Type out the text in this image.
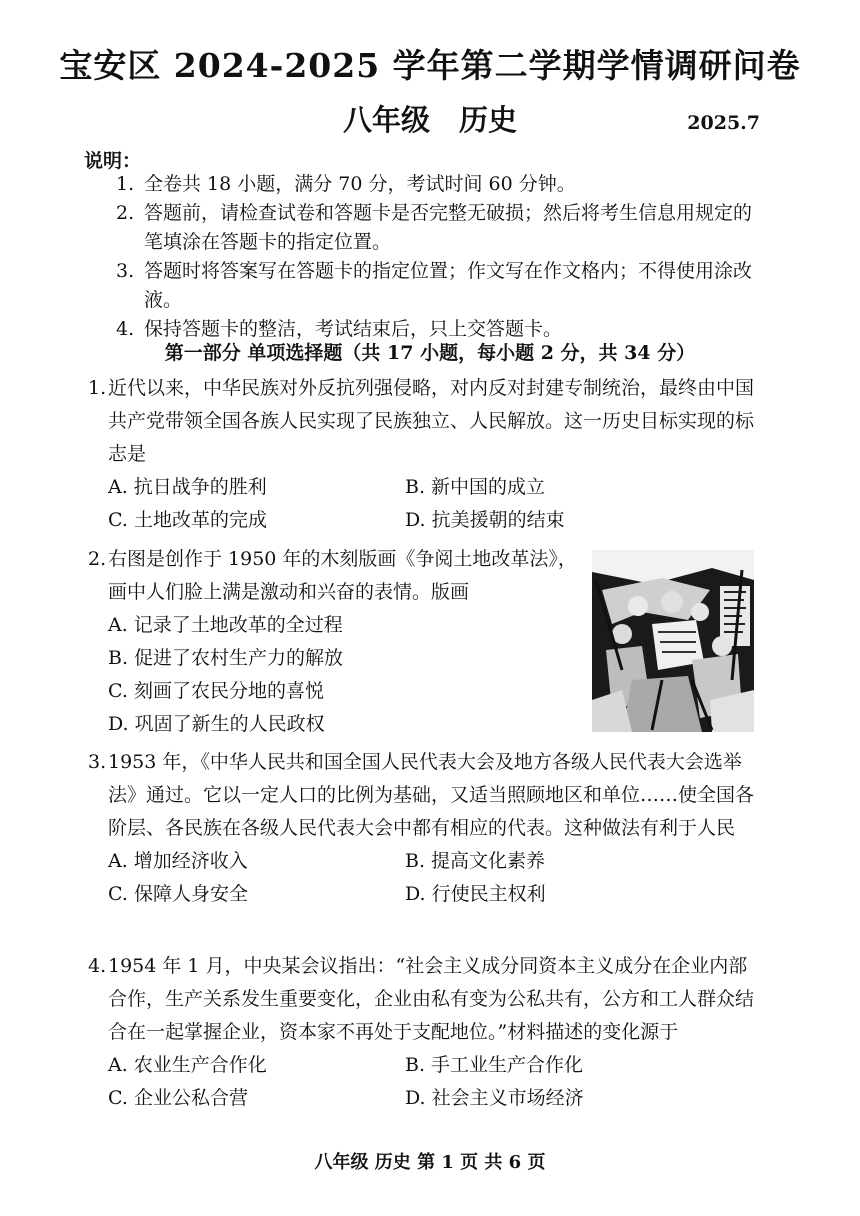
宝安区 2024-2025 学年第二学期学情调研问卷
八年级　历史	2025.7
说明：
1. 全卷共 18 小题，满分 70 分，考试时间 60 分钟。
2. 答题前，请检查试卷和答题卡是否完整无破损；然后将考生信息用规定的笔填涂在答题卡的指定位置。
3. 答题时将答案写在答题卡的指定位置；作文写在作文格内；不得使用涂改液。
4. 保持答题卡的整洁，考试结束后，只上交答题卡。
第一部分 单项选择题（共 17 小题，每小题 2 分，共 34 分）
1. 近代以来，中华民族对外反抗列强侵略，对内反对封建专制统治，最终由中国共产党带领全国各族人民实现了民族独立、人民解放。这一历史目标实现的标志是
A. 抗日战争的胜利	B. 新中国的成立
C. 土地改革的完成	D. 抗美援朝的结束
2. 右图是创作于 1950 年的木刻版画《争阅土地改革法》，画中人们脸上满是激动和兴奋的表情。版画
A. 记录了土地改革的全过程
B. 促进了农村生产力的解放
C. 刻画了农民分地的喜悦
D. 巩固了新生的人民政权
3. 1953 年，《中华人民共和国全国人民代表大会及地方各级人民代表大会选举法》通过。它以一定人口的比例为基础，又适当照顾地区和单位……使全国各阶层、各民族在各级人民代表大会中都有相应的代表。这种做法有利于人民
A. 增加经济收入	B. 提高文化素养
C. 保障人身安全	D. 行使民主权利
4. 1954 年 1 月，中央某会议指出：“社会主义成分同资本主义成分在企业内部合作，生产关系发生重要变化，企业由私有变为公私共有，公方和工人群众结合在一起掌握企业，资本家不再处于支配地位。”材料描述的变化源于
A. 农业生产合作化	B. 手工业生产合作化
C. 企业公私合营	D. 社会主义市场经济
八年级 历史 第 1 页 共 6 页
